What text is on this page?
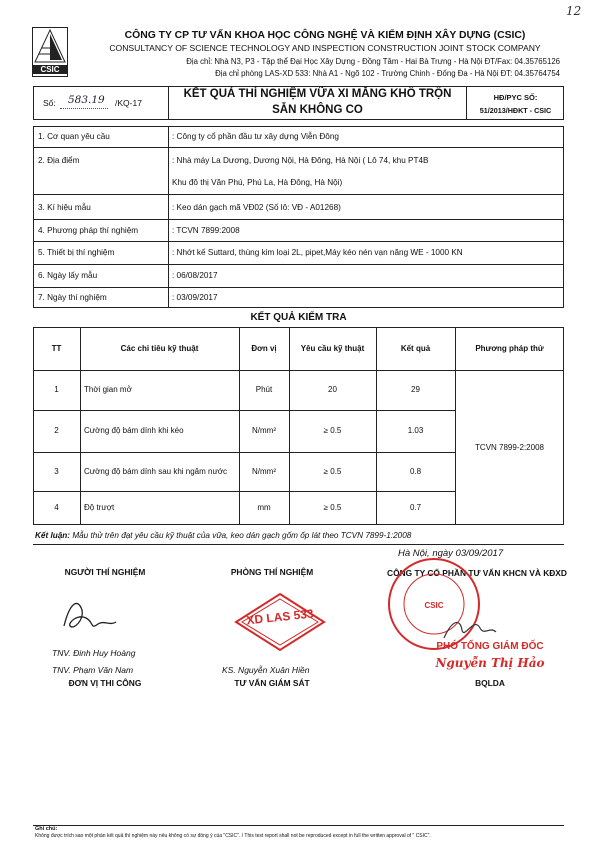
12
CSIC
CÔNG TY CP TƯ VẤN KHOA HỌC CÔNG NGHỆ VÀ KIỂM ĐỊNH XÂY DỰNG (CSIC)
CONSULTANCY OF SCIENCE TECHNOLOGY AND INSPECTION CONSTRUCTION JOINT STOCK COMPANY
Địa chỉ: Nhà N3, P3 - Tập thể Đại Học Xây Dựng - Đồng Tâm - Hai Bà Trưng - Hà Nội ĐT/Fax: 04.35765126
Địa chỉ phòng LAS-XD 533: Nhà A1 - Ngõ 102 - Trường Chinh - Đống Đa - Hà Nội ĐT: 04.35764754
Số: 583.19 /KQ-17
KẾT QUẢ THÍ NGHIỆM VỮA XI MĂNG KHÔ TRỘN
SẴN KHÔNG CO
HĐ/PYC SỐ:
51/2013/HĐKT - CSIC
1. Cơ quan yêu cầu	: Công ty cổ phần đầu tư xây dựng Viễn Đông
2. Địa điểm	: Nhà máy La Dương, Dương Nội, Hà Đông, Hà Nội ( Lô 74, khu PT4B
Khu đô thị Văn Phú, Phú La, Hà Đông, Hà Nội)
3. Kí hiệu mẫu	: Keo dán gạch mã VĐ02 (Số lô: VĐ - A01268)
4. Phương pháp thí nghiệm	: TCVN 7899:2008
5. Thiết bị thí nghiệm	: Nhớt kế Suttard, thùng kim loại 2L, pipet,Máy kéo nén vạn năng WE - 1000 KN
6. Ngày lấy mẫu	: 06/08/2017
7. Ngày thí nghiệm	: 03/09/2017
KẾT QUẢ KIỂM TRA
TT	Các chỉ tiêu kỹ thuật	Đơn vị	Yêu cầu kỹ thuật	Kết quả	Phương pháp thử
1	Thời gian mở	Phút	20	29
2	Cường độ bám dính khi kéo	N/mm²	≥ 0.5	1.03
3	Cường độ bám dính sau khi ngâm nước	N/mm²	≥ 0.5	0.8
4	Độ trượt	mm	≥ 0.5	0.7
TCVN 7899-2:2008
Kết luận: Mẫu thử trên đạt yêu cầu kỹ thuật của vữa, keo dán gạch gốm ốp lát theo TCVN 7899-1:2008
Hà Nội, ngày 03/09/2017
NGƯỜI THÍ NGHIỆM	PHÒNG THÍ NGHIỆM	CÔNG TY CỔ PHẦN TƯ VẤN KHCN VÀ KĐXD
XD LAS 533
CSIC
PHÓ TỔNG GIÁM ĐỐC
Nguyễn Thị Hảo
TNV. Đinh Huy Hoàng
TNV. Phạm Văn Nam	KS. Nguyễn Xuân Hiền
ĐƠN VỊ THI CÔNG	TƯ VẤN GIÁM SÁT	BQLDA
Ghi chú:
Không được trích sao một phần kết quả thí nghiệm này nếu không có sự đồng ý của "CSIC". / This test report shall not be reproduced except in full the written approval of " CSIC".
